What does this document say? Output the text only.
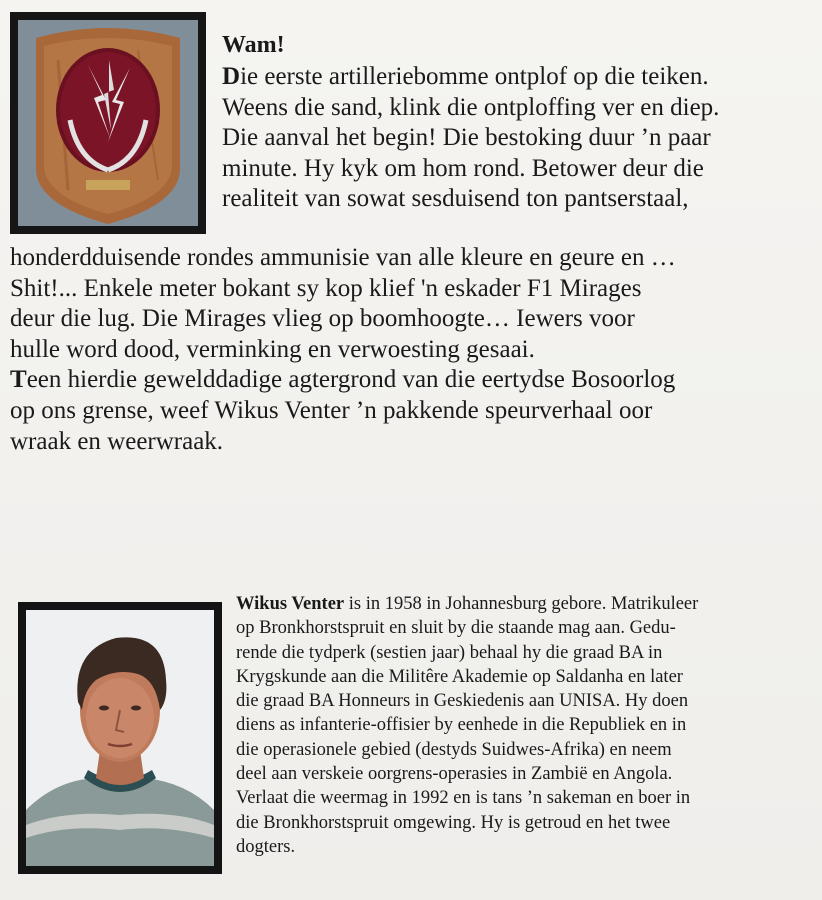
Wam!
Die eerste artilleriebomme ontplof op die teiken.
Weens die sand, klink die ontploffing ver en diep.
Die aanval het begin! Die bestoking duur ’n paar
minute. Hy kyk om hom rond. Betower deur die
realiteit van sowat sesduisend ton pantserstaal,
honderdduisende rondes ammunisie van alle kleure en geure en …
Shit!... Enkele meter bokant sy kop klief 'n eskader F1 Mirages
deur die lug. Die Mirages vlieg op boomhoogte… Iewers voor
hulle word dood, verminking en verwoesting gesaai.
Teen hierdie gewelddadige agtergrond van die eertydse Bosoorlog
op ons grense, weef Wikus Venter ’n pakkende speurverhaal oor
wraak en weerwraak.
Wikus Venter is in 1958 in Johannesburg gebore. Matrikuleer
op Bronkhorstspruit en sluit by die staande mag aan. Gedu-
rende die tydperk (sestien jaar) behaal hy die graad BA in
Krygskunde aan die Militêre Akademie op Saldanha en later
die graad BA Honneurs in Geskiedenis aan UNISA. Hy doen
diens as infanterie-offisier by eenhede in die Republiek en in
die operasionele gebied (destyds Suidwes-Afrika) en neem
deel aan verskeie oorgrens-operasies in Zambië en Angola.
Verlaat die weermag in 1992 en is tans ’n sakeman en boer in
die Bronkhorstspruit omgewing. Hy is getroud en het twee
dogters.
